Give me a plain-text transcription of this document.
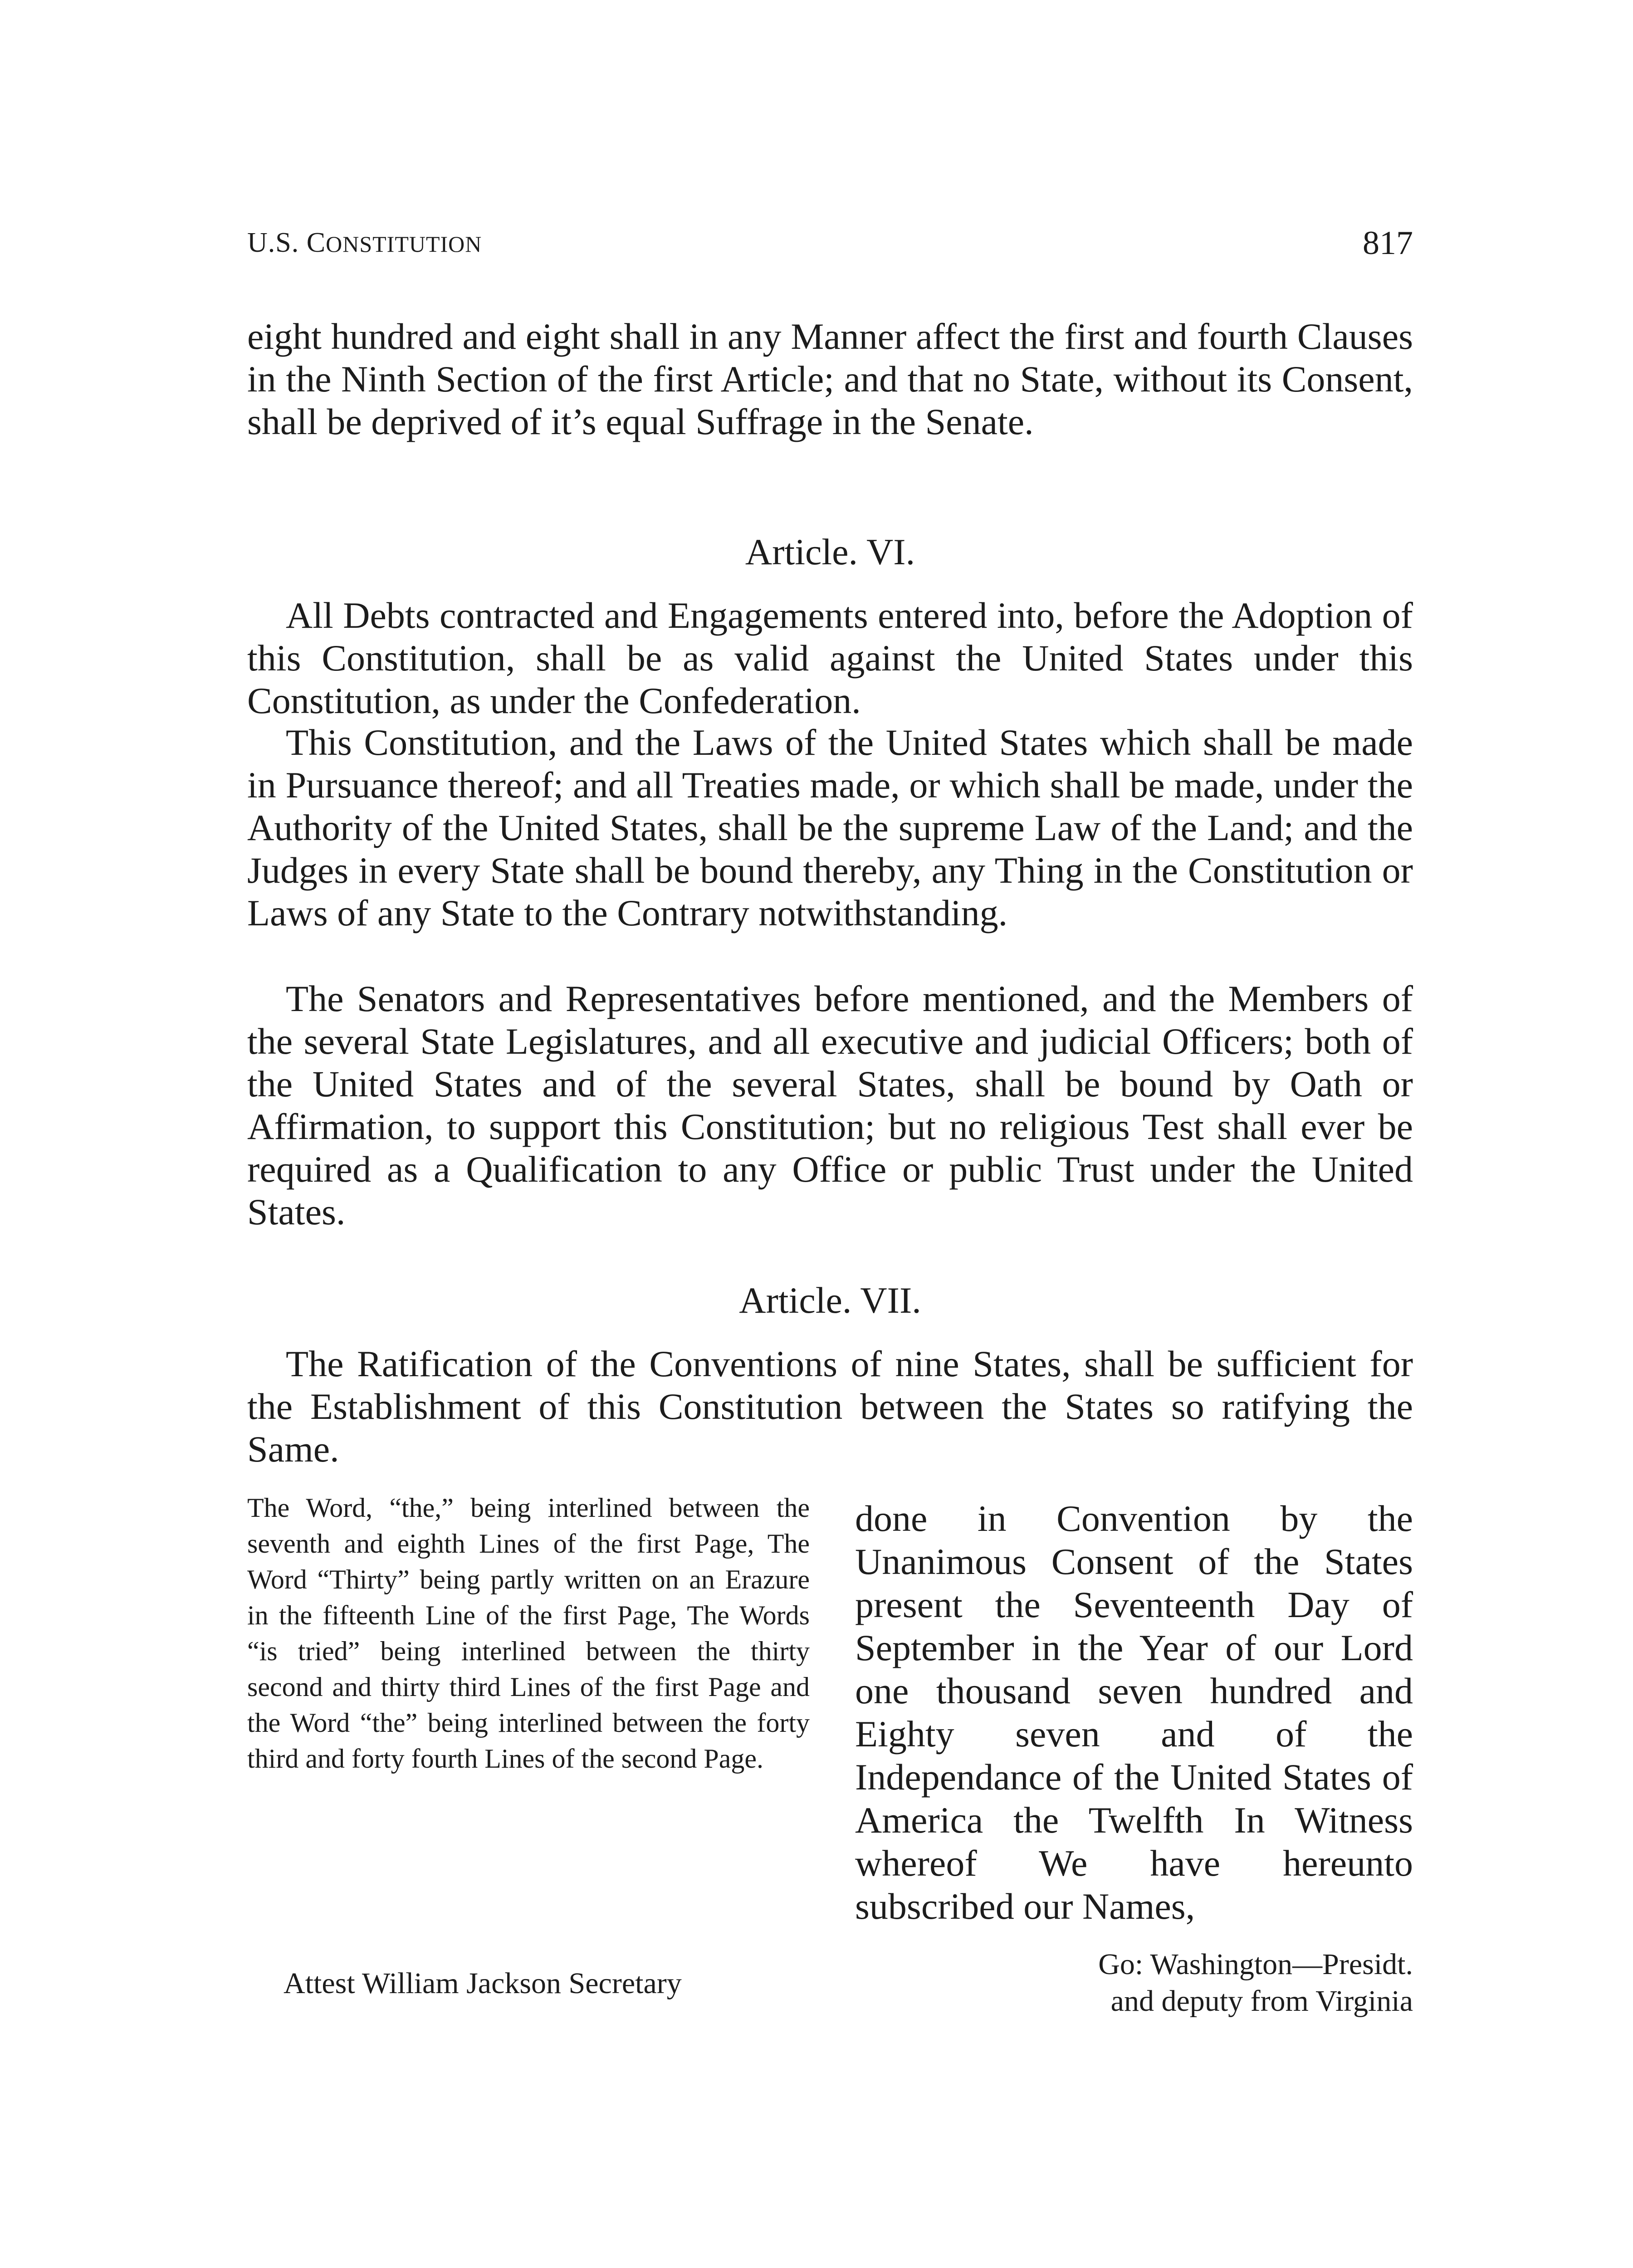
U.S. CONSTITUTION	817

eight hundred and eight shall in any Manner affect the first and fourth Clauses in the Ninth Section of the first Article; and that no State, without its Consent, shall be deprived of it’s equal Suffrage in the Senate.

Article. VI.

All Debts contracted and Engagements entered into, before the Adoption of this Constitution, shall be as valid against the United States under this Constitution, as under the Confederation.

This Constitution, and the Laws of the United States which shall be made in Pursuance thereof; and all Treaties made, or which shall be made, under the Authority of the United States, shall be the supreme Law of the Land; and the Judges in every State shall be bound thereby, any Thing in the Constitution or Laws of any State to the Contrary notwithstanding.

The Senators and Representatives before mentioned, and the Members of the several State Legislatures, and all executive and judicial Officers; both of the United States and of the several States, shall be bound by Oath or Affirmation, to support this Constitution; but no religious Test shall ever be required as a Qualification to any Office or public Trust under the United States.

Article. VII.

The Ratification of the Conventions of nine States, shall be sufficient for the Establishment of this Constitution between the States so ratifying the Same.

The Word, “the,” being interlined between the seventh and eighth Lines of the first Page, The Word “Thirty” being partly written on an Erazure in the fifteenth Line of the first Page, The Words “is tried” being interlined between the thirty second and thirty third Lines of the first Page and the Word “the” being interlined between the forty third and forty fourth Lines of the second Page.

done in Convention by the Unanimous Consent of the States present the Seventeenth Day of September in the Year of our Lord one thousand seven hundred and Eighty seven and of the Independance of the United States of America the Twelfth In Witness whereof We have hereunto subscribed our Names,

Attest William Jackson Secretary
Go: Washington—Presidt.
and deputy from Virginia
